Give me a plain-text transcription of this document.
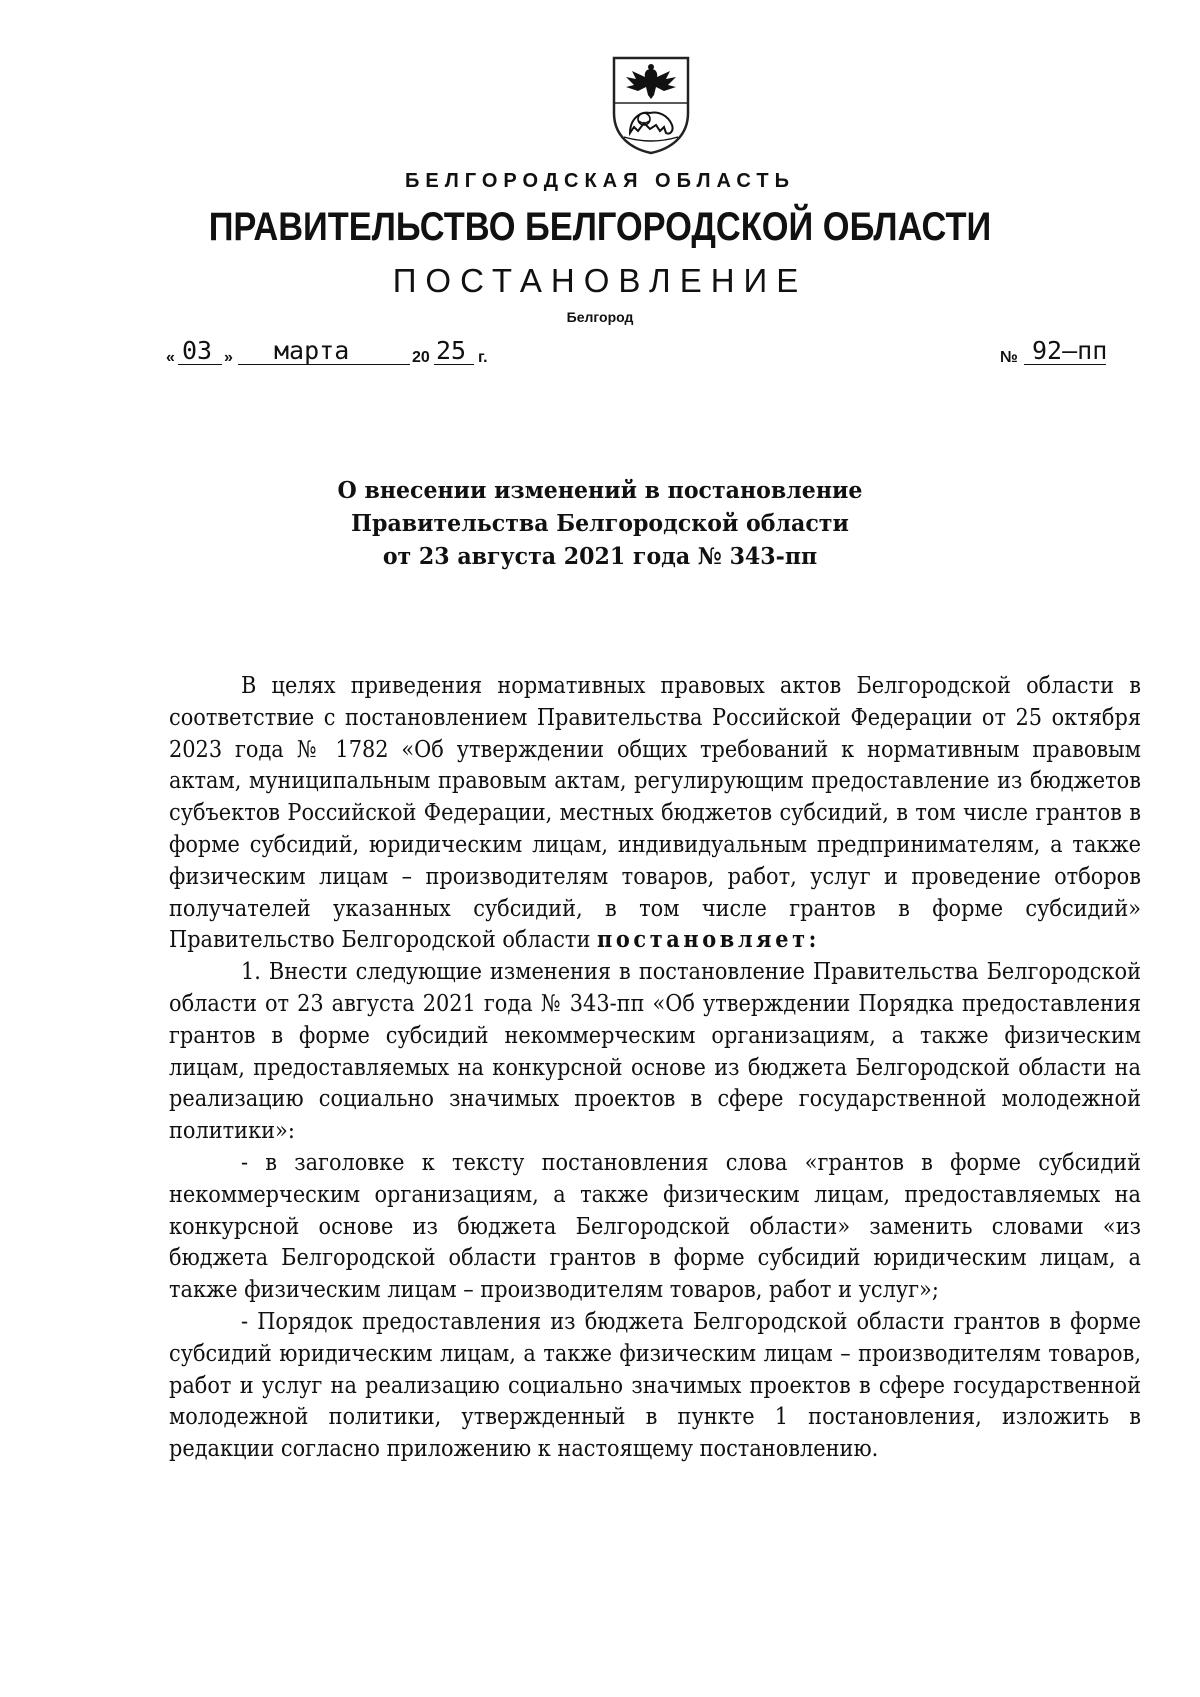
БЕЛГОРОДСКАЯ ОБЛАСТЬ
ПРАВИТЕЛЬСТВО БЕЛГОРОДСКОЙ ОБЛАСТИ
ПОСТАНОВЛЕНИЕ
Белгород
« 03 » марта	20 25 г.	№ 92–пп
О внесении изменений в постановление
Правительства Белгородской области
от 23 августа 2021 года № 343-пп

В целях приведения нормативных правовых актов Белгородской области в соответствие с постановлением Правительства Российской Федерации от 25 октября 2023 года № 1782 «Об утверждении общих требований к нормативным правовым актам, муниципальным правовым актам, регулирующим предоставление из бюджетов субъектов Российской Федерации, местных бюджетов субсидий, в том числе грантов в форме субсидий, юридическим лицам, индивидуальным предпринимателям, а также физическим лицам – производителям товаров, работ, услуг и проведение отборов получателей указанных субсидий, в том числе грантов в форме субсидий» Правительство Белгородской области постановляет:

1. Внести следующие изменения в постановление Правительства Белгородской области от 23 августа 2021 года № 343-пп «Об утверждении Порядка предоставления грантов в форме субсидий некоммерческим организациям, а также физическим лицам, предоставляемых на конкурсной основе из бюджета Белгородской области на реализацию социально значимых проектов в сфере государственной молодежной политики»:

- в заголовке к тексту постановления слова «грантов в форме субсидий некоммерческим организациям, а также физическим лицам, предоставляемых на конкурсной основе из бюджета Белгородской области» заменить словами «из бюджета Белгородской области грантов в форме субсидий юридическим лицам, а также физическим лицам – производителям товаров, работ и услуг»;

- Порядок предоставления из бюджета Белгородской области грантов в форме субсидий юридическим лицам, а также физическим лицам – производителям товаров, работ и услуг на реализацию социально значимых проектов в сфере государственной молодежной политики, утвержденный в пункте 1 постановления, изложить в редакции согласно приложению к настоящему постановлению.
